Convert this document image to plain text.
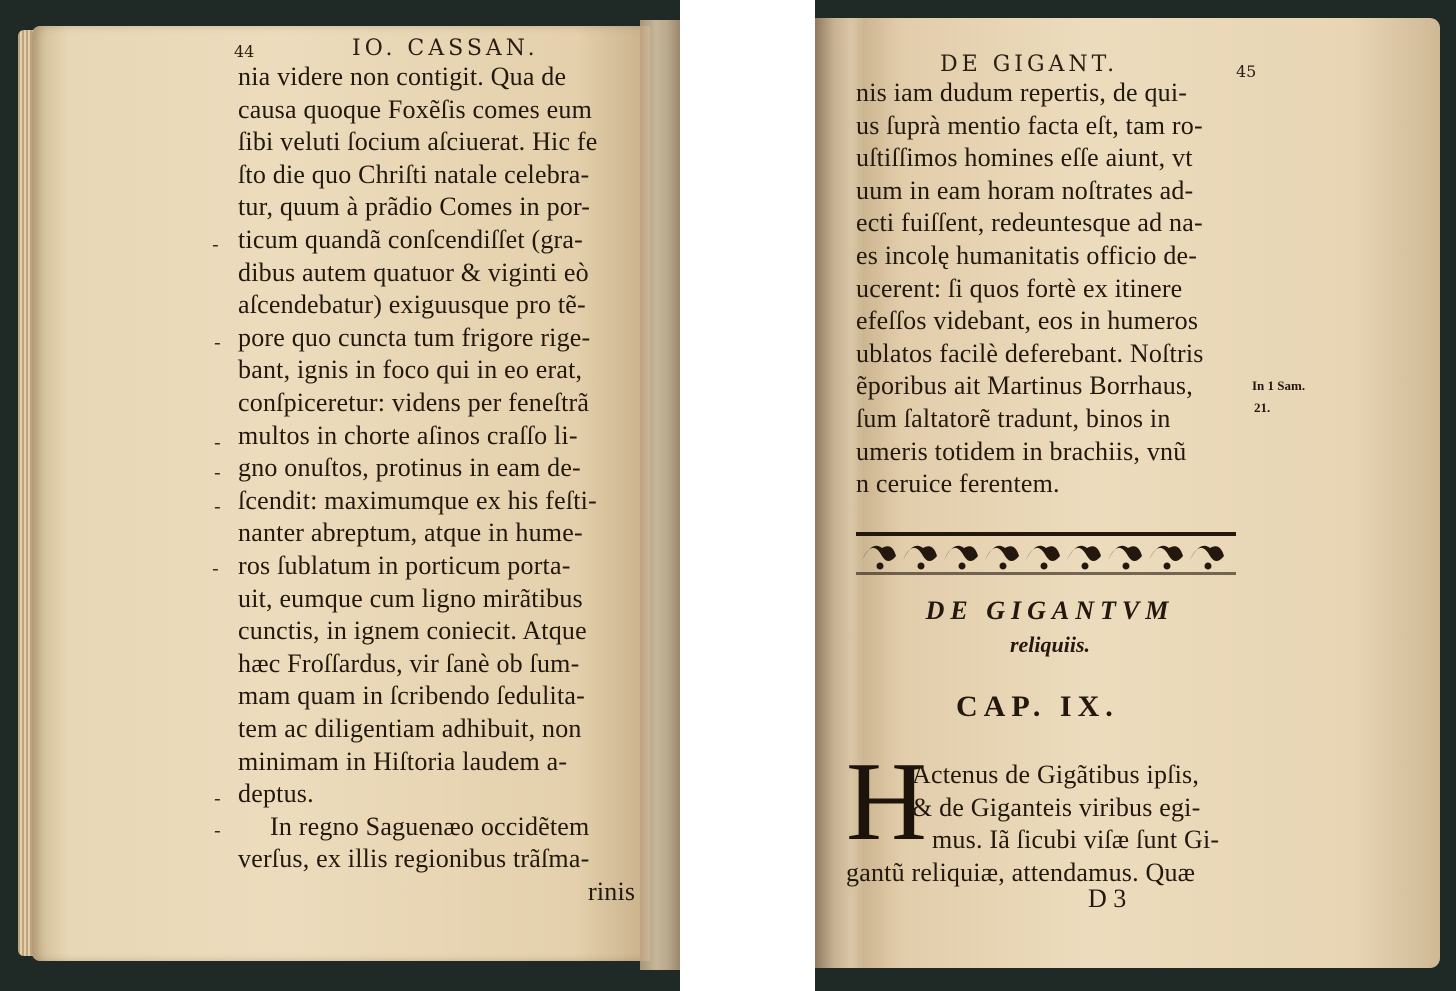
44	IO. CASSAN.
nia videre non contigit. Qua de
causa quoque Foxẽſis comes eum
ſibi veluti ſocium aſciuerat. Hic fe
ſto die quo Chriſti natale celebra-
tur, quum à prãdio Comes in por-
ticum quandã conſcendiſſet (gra-
dibus autem quatuor & viginti eò
aſcendebatur) exiguusque pro tẽ-
pore quo cuncta tum frigore rige-
bant, ignis in foco qui in eo erat,
conſpiceretur: videns per feneſtrã
multos in chorte aſinos craſſo li-
gno onuſtos, protinus in eam de-
ſcendit: maximumque ex his feſti-
nanter abreptum, atque in hume-
ros ſublatum in porticum porta-
uit, eumque cum ligno mirãtibus
cunctis, in ignem coniecit. Atque
hæc Froſſardus, vir ſanè ob ſum-
mam quam in ſcribendo ſedulita-
tem ac diligentiam adhibuit, non
minimam in Hiſtoria laudem a-
deptus.
In regno Saguenæo occidẽtem
verſus, ex illis regionibus trãſma-
rinis
-
-
-
-
-
-
-
-
DE GIGANT.	45
nis iam dudum repertis, de qui-
us ſuprà mentio facta eſt, tam ro-
uſtiſſimos homines eſſe aiunt, vt
uum in eam horam noſtrates ad-
ecti fuiſſent, redeuntesque ad na-
es incolę humanitatis officio de-
ucerent: ſi quos fortè ex itinere
efeſſos videbant, eos in humeros
ublatos facilè deferebant. Noſtris
ẽporibus ait Martinus Borrhaus,
ſum ſaltatorẽ tradunt, binos in
umeris totidem in brachiis, vnũ
n ceruice ferentem.
In 1 Sam.
21.
DE GIGANTVM
reliquiis.
CAP. IX.
H
Actenus de Gigãtibus ipſis,
& de Giganteis viribus egi-
mus. Iã ſicubi viſæ ſunt Gi-
gantũ reliquiæ, attendamus. Quæ
D 3
